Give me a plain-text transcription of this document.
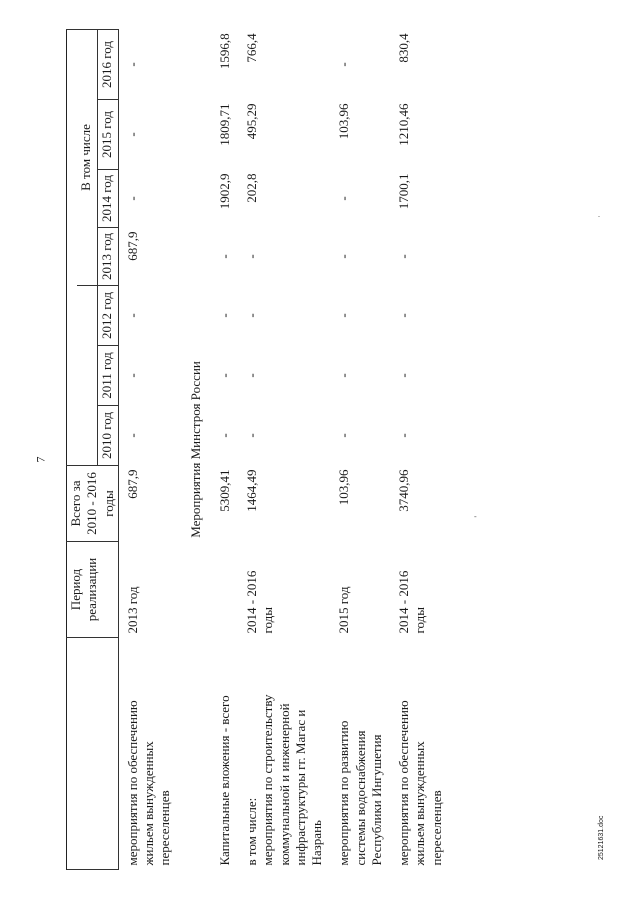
7
	Период реализации	Всего за 2010 - 2016 годы							
						В том числе			
			2010 год	2011 год	2012 год	2013 год	2014 год	2015 год	2016 год
мероприятия по обеспечению
жильем вынужденных
переселенцев	2013 год	687,9	-	-	-	687,9	-	-	-
Мероприятия Минстроя России									
Капитальные вложения - всего		5309,41	-	-	-	-	1902,9	1809,71	1596,8
в том числе:
мероприятия по строительству
коммунальной и инженерной
инфраструктуры гг. Магас и
Назрань	2014 - 2016
годы	1464,49	-	-	-	-	202,8	495,29	766,4
мероприятия по развитию
системы водоснабжения
Республики Ингушетия	2015 год	103,96	-	-	-	-	-	103,96	-
мероприятия по обеспечению
жильем вынужденных
переселенцев	2014 - 2016
годы	3740,96	-	-	-	-	1700,1	1210,46	830,4
25121631.doc
.
-
